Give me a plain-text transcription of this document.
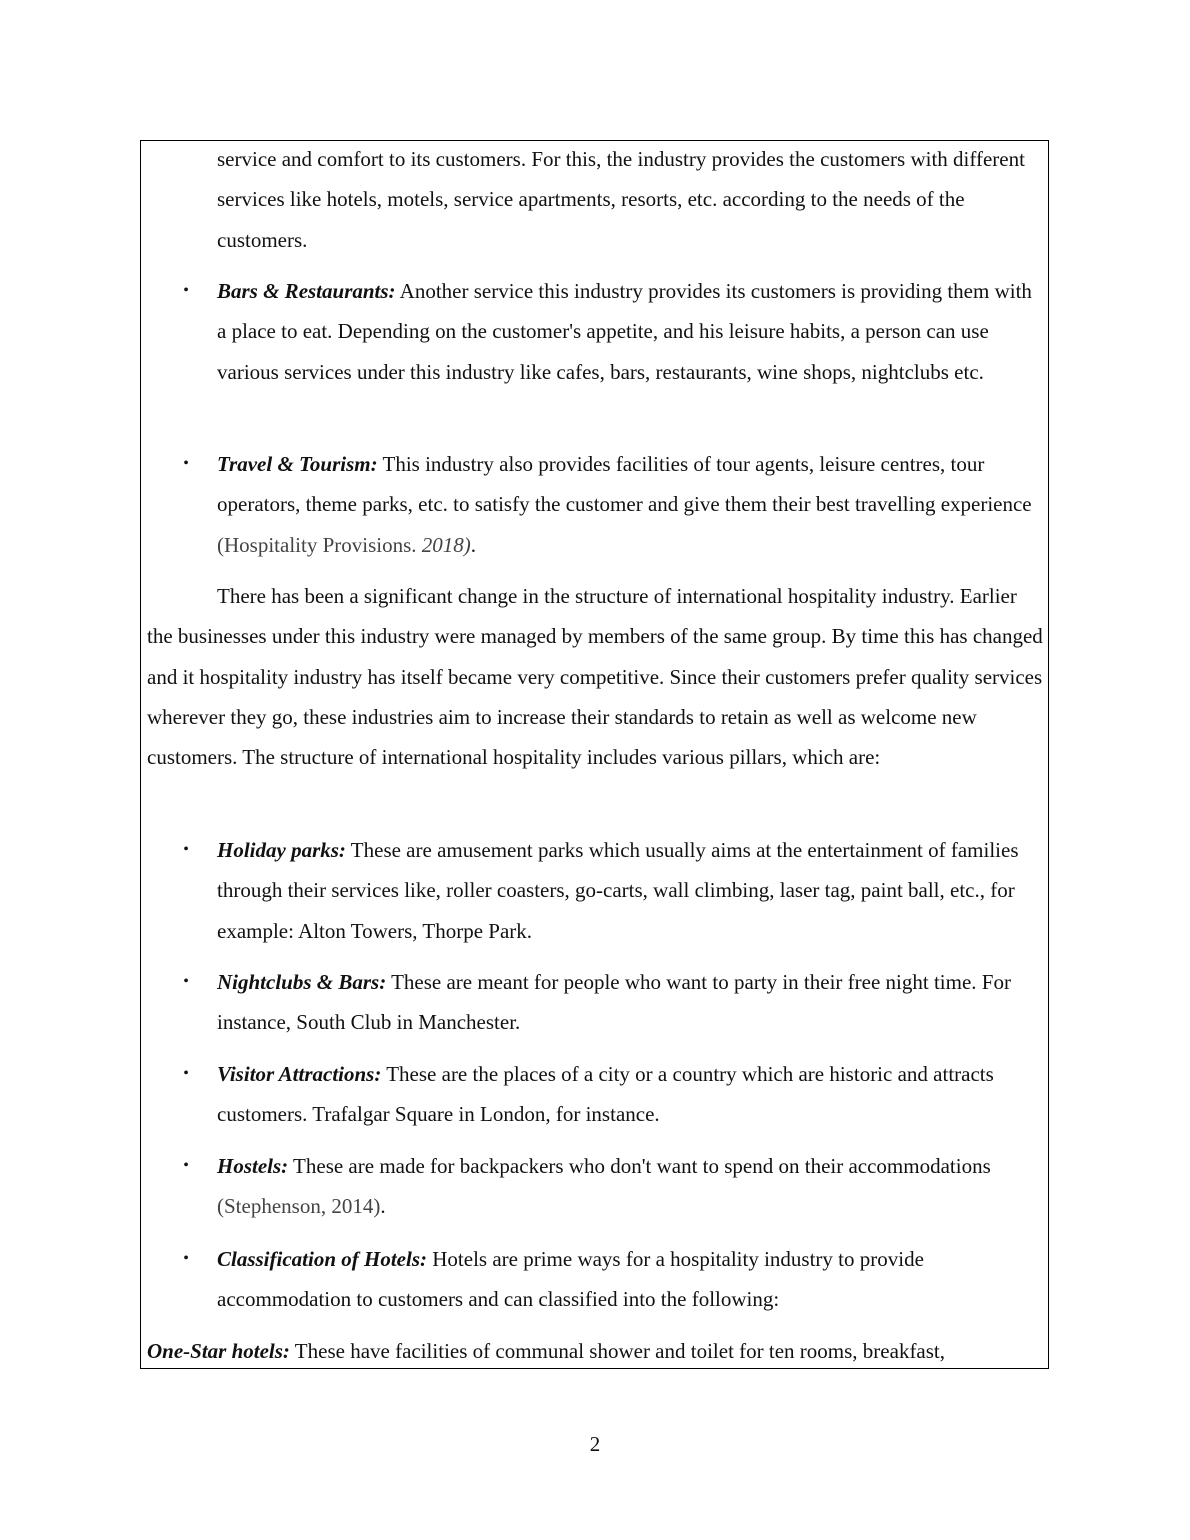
service and comfort to its customers. For this, the industry provides the customers with different services like hotels, motels, service apartments, resorts, etc. according to the needs of the customers.

• Bars & Restaurants: Another service this industry provides its customers is providing them with a place to eat. Depending on the customer's appetite, and his leisure habits, a person can use various services under this industry like cafes, bars, restaurants, wine shops, nightclubs etc.
• Travel & Tourism: This industry also provides facilities of tour agents, leisure centres, tour operators, theme parks, etc. to satisfy the customer and give them their best travelling experience (Hospitality Provisions. 2018).

There has been a significant change in the structure of international hospitality industry. Earlier the businesses under this industry were managed by members of the same group. By time this has changed and it hospitality industry has itself became very competitive. Since their customers prefer quality services wherever they go, these industries aim to increase their standards to retain as well as welcome new customers. The structure of international hospitality includes various pillars, which are:

• Holiday parks: These are amusement parks which usually aims at the entertainment of families through their services like, roller coasters, go-carts, wall climbing, laser tag, paint ball, etc., for example: Alton Towers, Thorpe Park.
• Nightclubs & Bars: These are meant for people who want to party in their free night time. For instance, South Club in Manchester.
• Visitor Attractions: These are the places of a city or a country which are historic and attracts customers. Trafalgar Square in London, for instance.
• Hostels: These are made for backpackers who don't want to spend on their accommodations (Stephenson, 2014).
• Classification of Hotels: Hotels are prime ways for a hospitality industry to provide accommodation to customers and can classified into the following:

One-Star hotels: These have facilities of communal shower and toilet for ten rooms, breakfast,

2
